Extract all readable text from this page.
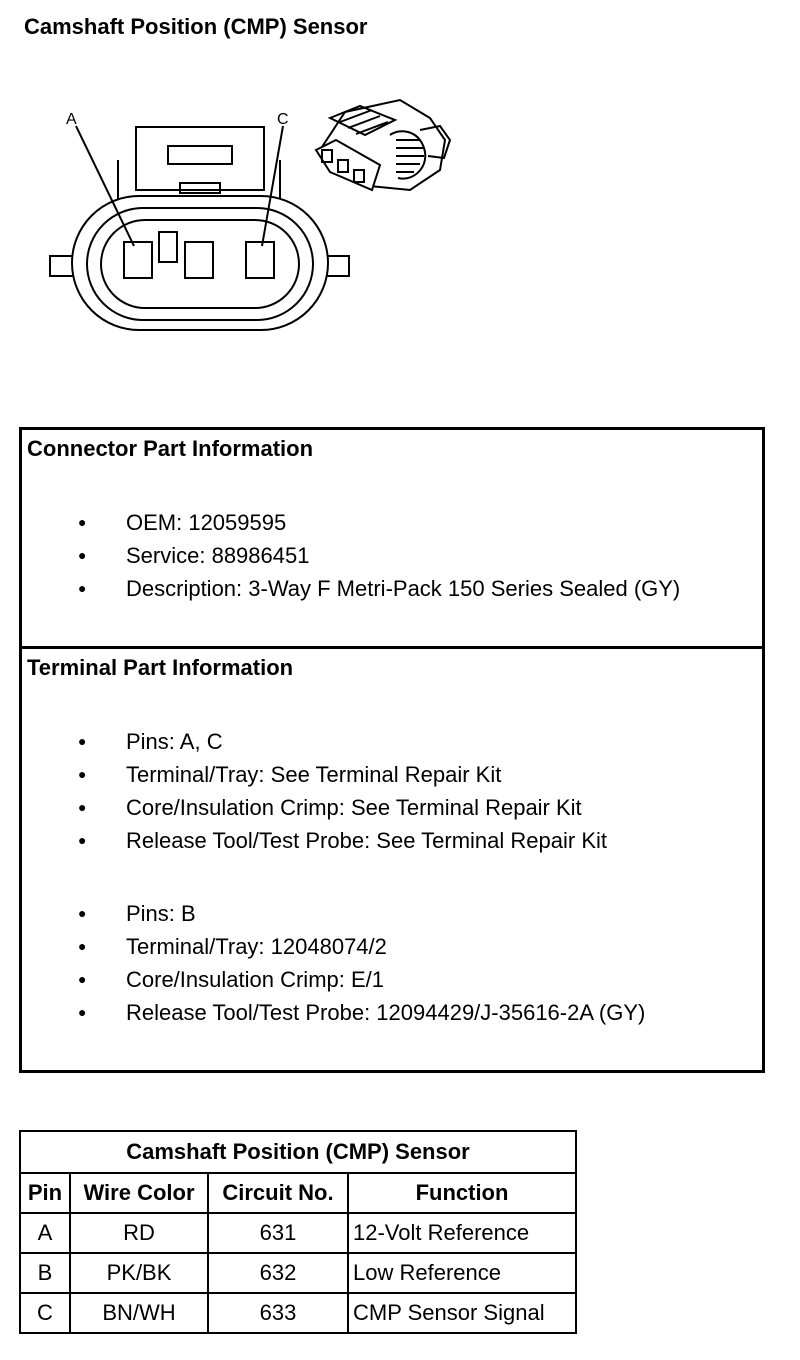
Camshaft Position (CMP) Sensor
A	C
Connector Part Information
● OEM: 12059595
● Service: 88986451
● Description: 3-Way F Metri-Pack 150 Series Sealed (GY)
Terminal Part Information
● Pins: A, C
● Terminal/Tray: See Terminal Repair Kit
● Core/Insulation Crimp: See Terminal Repair Kit
● Release Tool/Test Probe: See Terminal Repair Kit
● Pins: B
● Terminal/Tray: 12048074/2
● Core/Insulation Crimp: E/1
● Release Tool/Test Probe: 12094429/J-35616-2A (GY)
Camshaft Position (CMP) Sensor			
Pin	Wire Color	Circuit No.	Function
A	RD	631	12-Volt Reference
B	PK/BK	632	Low Reference
C	BN/WH	633	CMP Sensor Signal
